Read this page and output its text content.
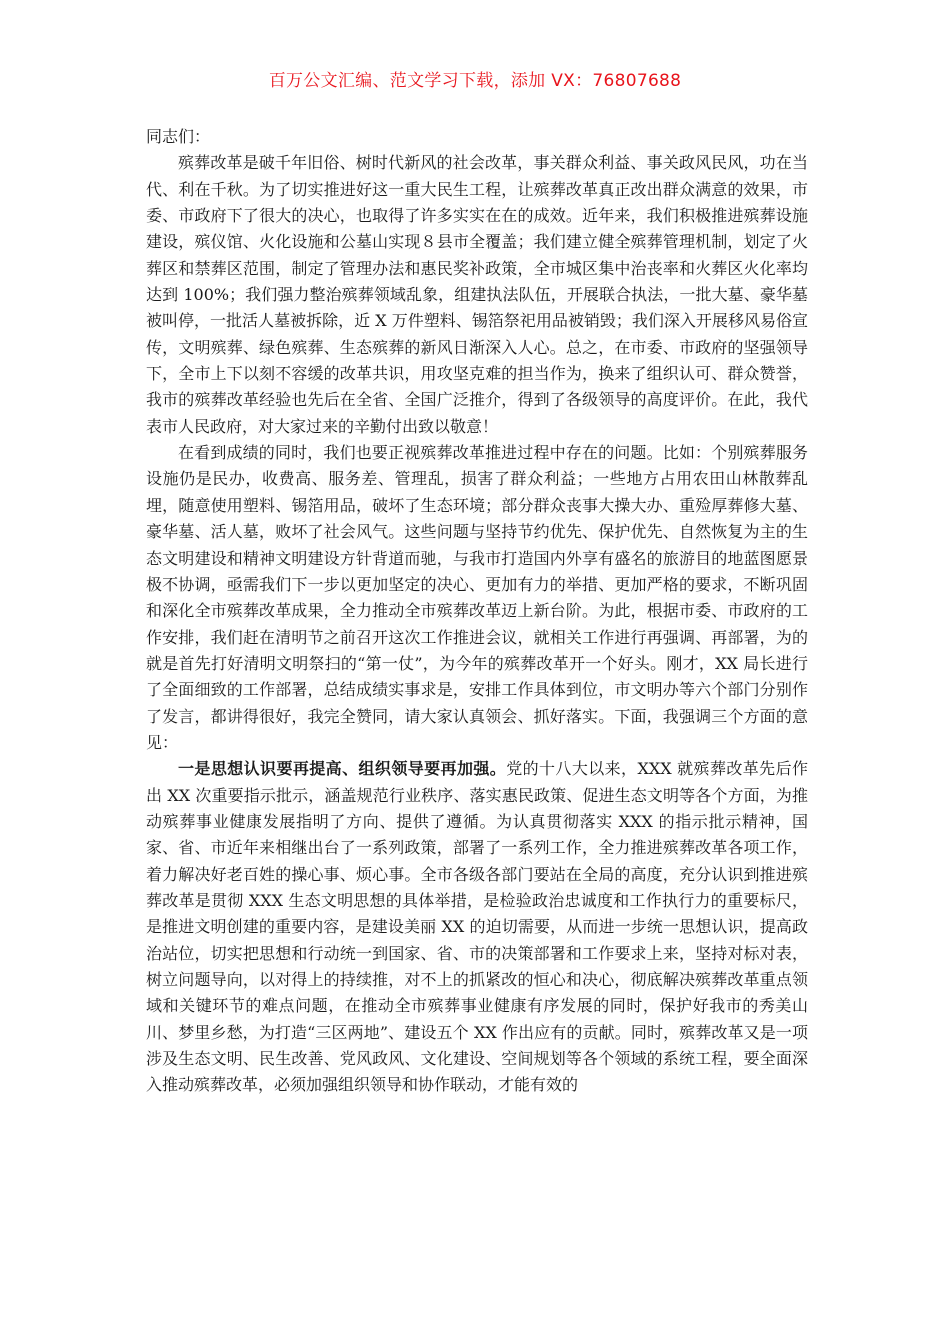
百万公文汇编、范文学习下载，添加 VX：76807688

同志们：

殡葬改革是破千年旧俗、树时代新风的社会改革，事关群众利益、事关政风民风，功在当代、利在千秋。为了切实推进好这一重大民生工程，让殡葬改革真正改出群众满意的效果，市委、市政府下了很大的决心，也取得了许多实实在在的成效。近年来，我们积极推进殡葬设施建设，殡仪馆、火化设施和公墓山实现８县市全覆盖；我们建立健全殡葬管理机制，划定了火葬区和禁葬区范围，制定了管理办法和惠民奖补政策，全市城区集中治丧率和火葬区火化率均达到 100%；我们强力整治殡葬领域乱象，组建执法队伍，开展联合执法，一批大墓、豪华墓被叫停，一批活人墓被拆除，近 X 万件塑料、锡箔祭祀用品被销毁；我们深入开展移风易俗宣传，文明殡葬、绿色殡葬、生态殡葬的新风日渐深入人心。总之，在市委、市政府的坚强领导下，全市上下以刻不容缓的改革共识，用攻坚克难的担当作为，换来了组织认可、群众赞誉，我市的殡葬改革经验也先后在全省、全国广泛推介，得到了各级领导的高度评价。在此，我代表市人民政府，对大家过来的辛勤付出致以敬意！

在看到成绩的同时，我们也要正视殡葬改革推进过程中存在的问题。比如：个别殡葬服务设施仍是民办，收费高、服务差、管理乱，损害了群众利益；一些地方占用农田山林散葬乱埋，随意使用塑料、锡箔用品，破坏了生态环境；部分群众丧事大操大办、重殓厚葬修大墓、豪华墓、活人墓，败坏了社会风气。这些问题与坚持节约优先、保护优先、自然恢复为主的生态文明建设和精神文明建设方针背道而驰，与我市打造国内外享有盛名的旅游目的地蓝图愿景极不协调，亟需我们下一步以更加坚定的决心、更加有力的举措、更加严格的要求，不断巩固和深化全市殡葬改革成果，全力推动全市殡葬改革迈上新台阶。为此，根据市委、市政府的工作安排，我们赶在清明节之前召开这次工作推进会议，就相关工作进行再强调、再部署，为的就是首先打好清明文明祭扫的“第一仗”，为今年的殡葬改革开一个好头。刚才，XX 局长进行了全面细致的工作部署，总结成绩实事求是，安排工作具体到位，市文明办等六个部门分别作了发言，都讲得很好，我完全赞同，请大家认真领会、抓好落实。下面，我强调三个方面的意见：

一是思想认识要再提高、组织领导要再加强。党的十八大以来，XXX 就殡葬改革先后作出 XX 次重要指示批示，涵盖规范行业秩序、落实惠民政策、促进生态文明等各个方面，为推动殡葬事业健康发展指明了方向、提供了遵循。为认真贯彻落实 XXX 的指示批示精神，国家、省、市近年来相继出台了一系列政策，部署了一系列工作，全力推进殡葬改革各项工作，着力解决好老百姓的操心事、烦心事。全市各级各部门要站在全局的高度，充分认识到推进殡葬改革是贯彻 XXX 生态文明思想的具体举措，是检验政治忠诚度和工作执行力的重要标尺，是推进文明创建的重要内容，是建设美丽 XX 的迫切需要，从而进一步统一思想认识，提高政治站位，切实把思想和行动统一到国家、省、市的决策部署和工作要求上来，坚持对标对表，树立问题导向，以对得上的持续推，对不上的抓紧改的恒心和决心，彻底解决殡葬改革重点领域和关键环节的难点问题，在推动全市殡葬事业健康有序发展的同时，保护好我市的秀美山川、梦里乡愁，为打造“三区两地”、建设五个 XX 作出应有的贡献。同时，殡葬改革又是一项涉及生态文明、民生改善、党风政风、文化建设、空间规划等各个领域的系统工程，要全面深入推动殡葬改革，必须加强组织领导和协作联动，才能有效的
